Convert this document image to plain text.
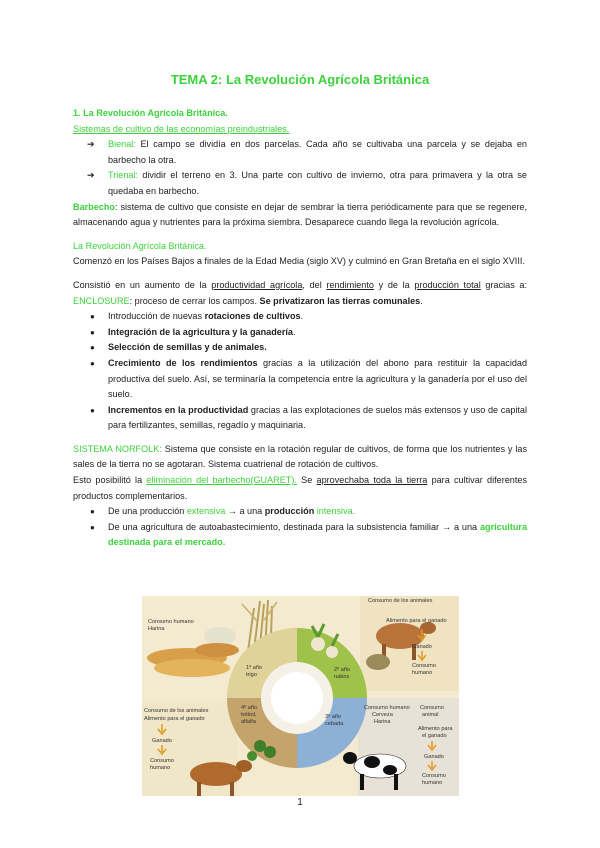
TEMA 2: La Revolución Agrícola Británica

1. La Revolución Agrícola Británica.

Sistemas de cultivo de las economías preindustriales.

➔ Bienal: El campo se dividía en dos parcelas. Cada año se cultivaba una parcela y se dejaba en barbecho la otra.

➔ Trienal: dividir el terreno en 3. Una parte con cultivo de invierno, otra para primavera y la otra se quedaba en barbecho.

Barbecho: sistema de cultivo que consiste en dejar de sembrar la tierra periódicamente para que se regenere, almacenando agua y nutrientes para la próxima siembra. Desaparece cuando llega la revolución agrícola.

La Revolución Agrícola Británica.

Comenzó en los Países Bajos a finales de la Edad Media (siglo XV) y culminó en Gran Bretaña en el siglo XVIII.

Consistió en un aumento de la productividad agrícola, del rendimiento y de la producción total gracias a: ENCLOSURE: proceso de cerrar los campos. Se privatizaron las tierras comunales.

● Introducción de nuevas rotaciones de cultivos.

● Integración de la agricultura y la ganadería.

● Selección de semillas y de animales.

● Crecimiento de los rendimientos gracias a la utilización del abono para restituir la capacidad productiva del suelo. Así, se terminaría la competencia entre la agricultura y la ganadería por el uso del suelo.

● Incrementos en la productividad gracias a las explotaciones de suelos más extensos y uso de capital para fertilizantes, semillas, regadío y maquinaria.

SISTEMA NORFOLK: Sistema que consiste en la rotación regular de cultivos, de forma que los nutrientes y las sales de la tierra no se agotaran. Sistema cuatrienal de rotación de cultivos.

Esto posibilitó la eliminación del barbecho(GUARET). Se aprovechaba toda la tierra para cultivar diferentes productos complementarios.

● De una producción extensiva → a una producción intensiva.

● De una agricultura de autoabastecimiento, destinada para la subsistencia familiar → a una agricultura destinada para el mercado.

1º año
trigo
2º año
nabos
3º año
cebada
4º año
trébol,
alfalfa
Consumo humano
Harina
Consumo de los animales
Alimento para el ganado
Ganado
Consumo
humano
Consumo de los animales
Alimento para el ganado
Ganado
Consumo
humano
Consumo humano
Cerveza
Harina
Consumo
animal
Alimento para
el ganado
Ganado
Consumo
humano
1
